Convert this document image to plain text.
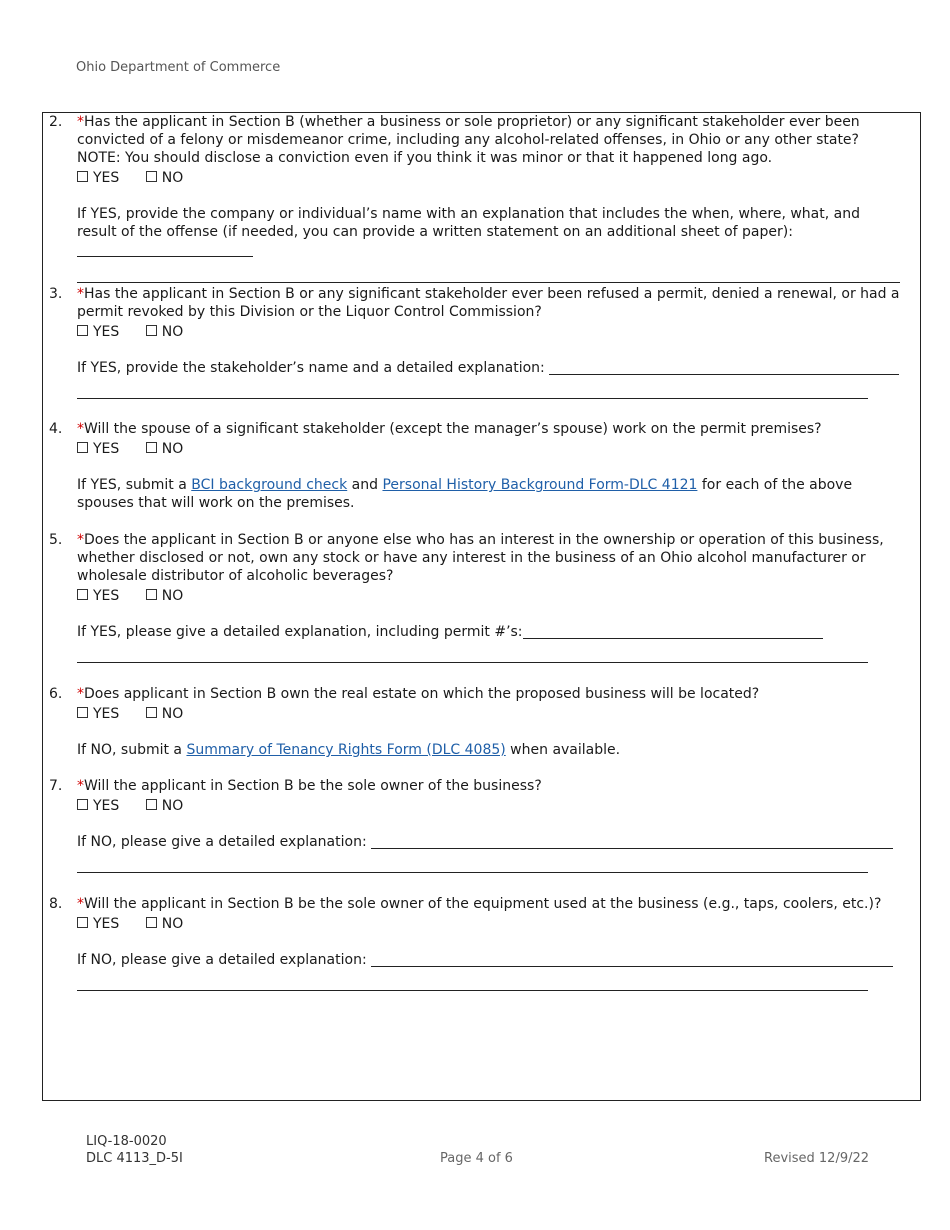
Ohio Department of Commerce
2. *Has the applicant in Section B (whether a business or sole proprietor) or any significant stakeholder ever been convicted of a felony or misdemeanor crime, including any alcohol-related offenses, in Ohio or any other state? NOTE: You should disclose a conviction even if you think it was minor or that it happened long ago.
YES	NO
If YES, provide the company or individual’s name with an explanation that includes the when, where, what, and result of the offense (if needed, you can provide a written statement on an additional sheet of paper):
3. *Has the applicant in Section B or any significant stakeholder ever been refused a permit, denied a renewal, or had a permit revoked by this Division or the Liquor Control Commission?
YES	NO
If YES, provide the stakeholder’s name and a detailed explanation:
4. *Will the spouse of a significant stakeholder (except the manager’s spouse) work on the permit premises?
YES	NO
If YES, submit a BCI background check and Personal History Background Form-DLC 4121 for each of the above spouses that will work on the premises.
5. *Does the applicant in Section B or anyone else who has an interest in the ownership or operation of this business, whether disclosed or not, own any stock or have any interest in the business of an Ohio alcohol manufacturer or wholesale distributor of alcoholic beverages?
YES	NO
If YES, please give a detailed explanation, including permit #’s:
6. *Does applicant in Section B own the real estate on which the proposed business will be located?
YES	NO
If NO, submit a Summary of Tenancy Rights Form (DLC 4085) when available.
7. *Will the applicant in Section B be the sole owner of the business?
YES	NO
If NO, please give a detailed explanation:
8. *Will the applicant in Section B be the sole owner of the equipment used at the business (e.g., taps, coolers, etc.)?
YES	NO
If NO, please give a detailed explanation:
LIQ-18-0020
DLC 4113_D-5I	Page 4 of 6	Revised 12/9/22
